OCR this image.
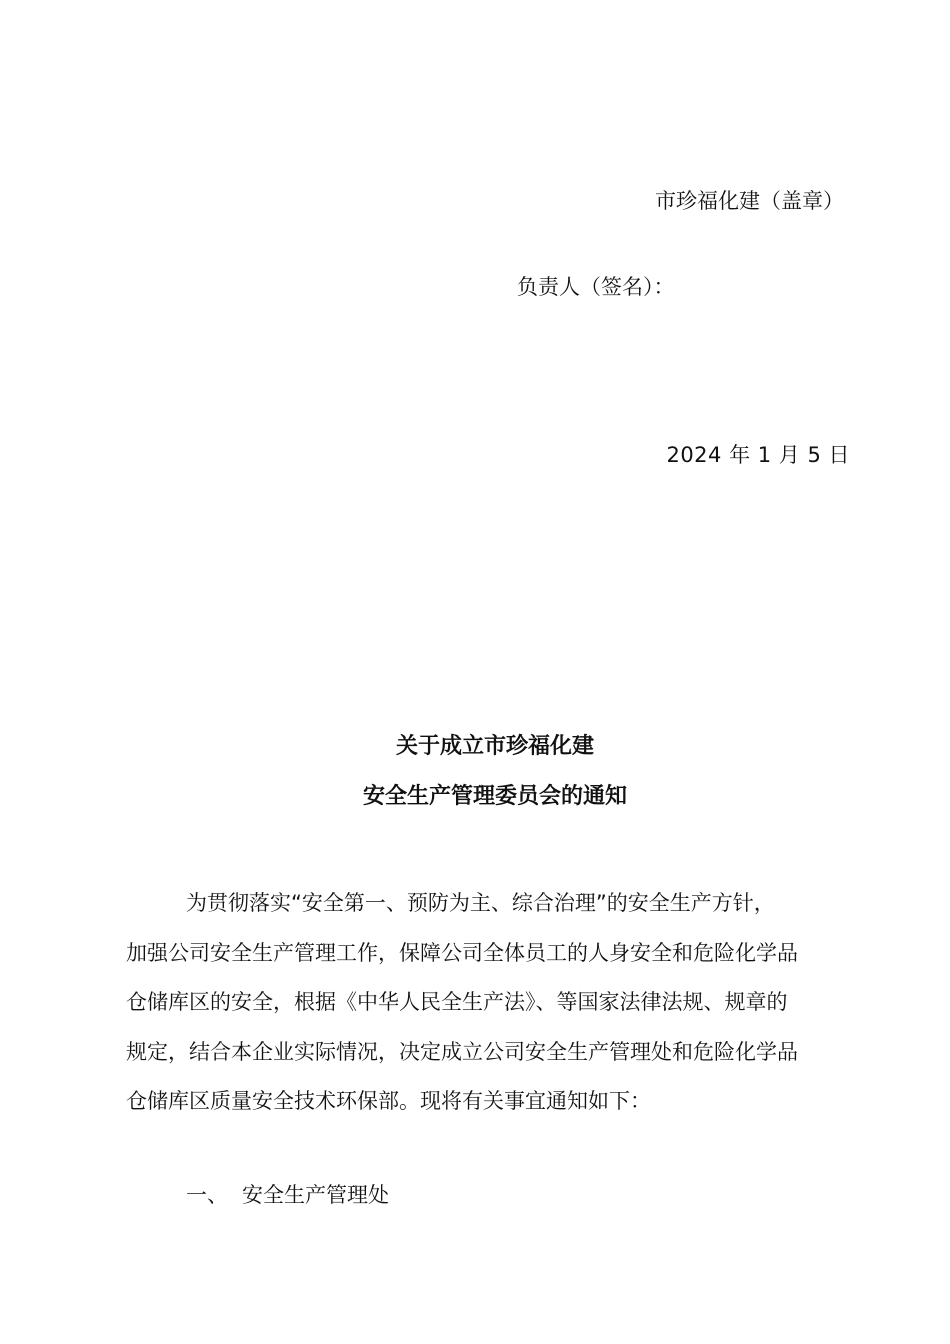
市珍福化建（盖章）
负责人（签名）：
2024 年 1 月 5 日
关于成立市珍福化建
安全生产管理委员会的通知
为贯彻落实“安全第一、预防为主、综合治理”的安全生产方针，
加强公司安全生产管理工作，保障公司全体员工的人身安全和危险化学品
仓储库区的安全，根据《中华人民全生产法》、等国家法律法规、规章的
规定，结合本企业实际情况，决定成立公司安全生产管理处和危险化学品
仓储库区质量安全技术环保部。现将有关事宜通知如下：
一、 安全生产管理处
